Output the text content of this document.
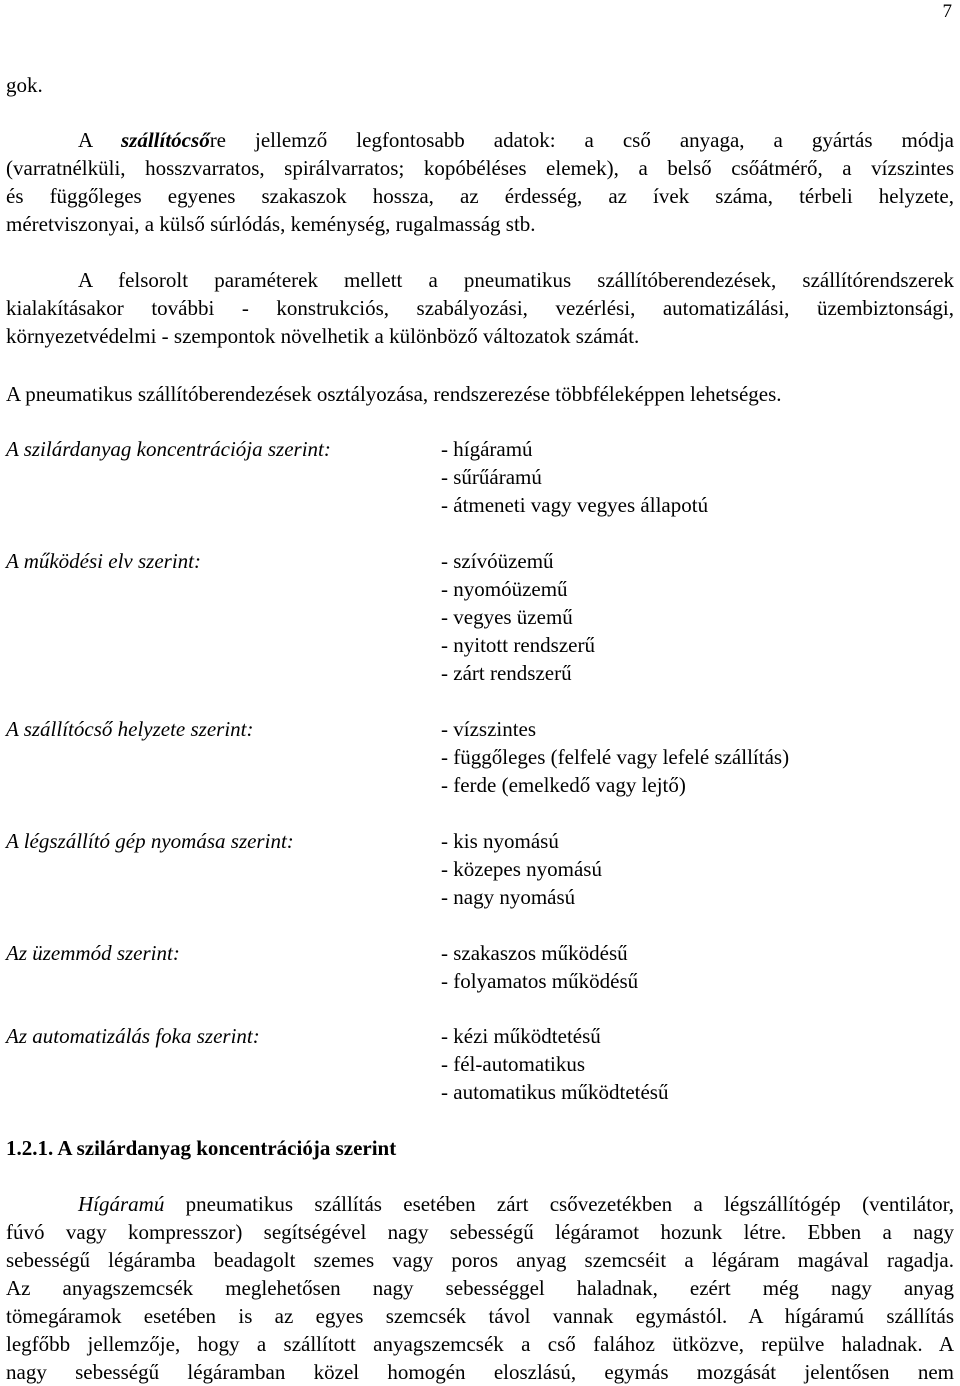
7
gok.

A szállítócsőre jellemző legfontosabb adatok: a cső anyaga, a gyártás módja

(varratnélküli, hosszvarratos, spirálvarratos; kopóbéléses elemek), a belső csőátmérő, a vízszintes

és függőleges egyenes szakaszok hossza, az érdesség, az ívek száma, térbeli helyzete,

méretviszonyai, a külső súrlódás, keménység, rugalmasság stb.

A felsorolt paraméterek mellett a pneumatikus szállítóberendezések, szállítórendszerek

kialakításakor további - konstrukciós, szabályozási, vezérlési, automatizálási, üzembiztonsági,

környezetvédelmi - szempontok növelhetik a különböző változatok számát.

A pneumatikus szállítóberendezések osztályozása, rendszerezése többféleképpen lehetséges.
A szilárdanyag koncentrációja szerint:	- hígáramú
- sűrűáramú
- átmeneti vagy vegyes állapotú
A működési elv szerint:	- szívóüzemű
- nyomóüzemű
- vegyes üzemű
- nyitott rendszerű
- zárt rendszerű
A szállítócső helyzete szerint:	- vízszintes
- függőleges (felfelé vagy lefelé szállítás)
- ferde (emelkedő vagy lejtő)
A légszállító gép nyomása szerint:	- kis nyomású
- közepes nyomású
- nagy nyomású
Az üzemmód szerint:	- szakaszos működésű
- folyamatos működésű
Az automatizálás foka szerint:	- kézi működtetésű
- fél-automatikus
- automatikus működtetésű
1.2.1. A szilárdanyag koncentrációja szerint

Hígáramú pneumatikus szállítás esetében zárt csővezetékben a légszállítógép (ventilátor,

fúvó vagy kompresszor) segítségével nagy sebességű légáramot hozunk létre. Ebben a nagy

sebességű légáramba beadagolt szemes vagy poros anyag szemcséit a légáram magával ragadja.

Az anyagszemcsék meglehetősen nagy sebességgel haladnak, ezért még nagy anyag

tömegáramok esetében is az egyes szemcsék távol vannak egymástól. A hígáramú szállítás

legfőbb jellemzője, hogy a szállított anyagszemcsék a cső falához ütközve, repülve haladnak. A

nagy sebességű légáramban közel homogén eloszlású, egymás mozgását jelentősen nem
